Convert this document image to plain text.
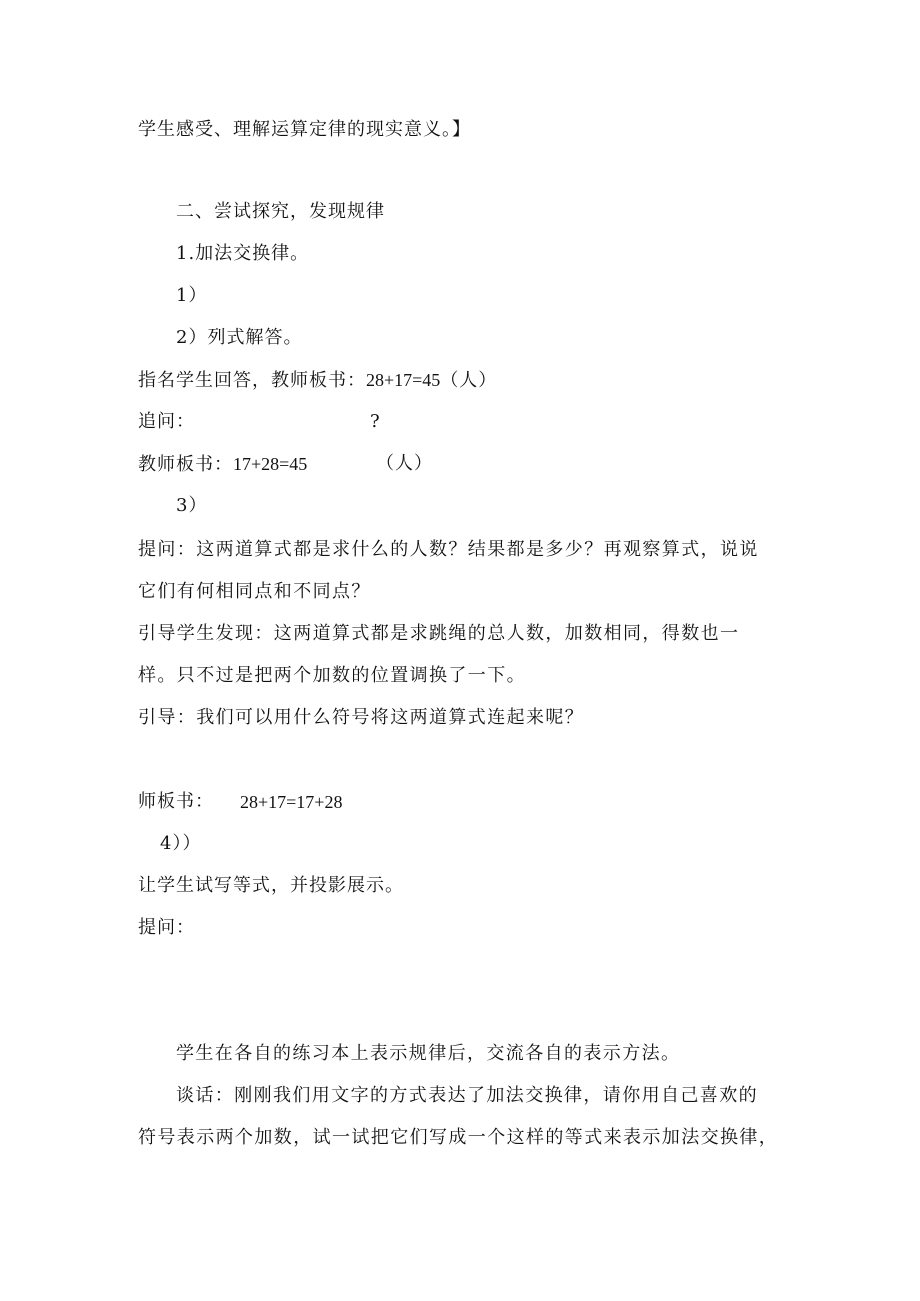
学生感受、理解运算定律的现实意义。】
二、尝试探究，发现规律
1.加法交换律。
1）
2）列式解答。
指名学生回答，教师板书：28+17=45（人）
追问：	?
教师板书：17+28=45	（人）
3）
提问：这两道算式都是求什么的人数？结果都是多少？再观察算式，说说
它们有何相同点和不同点？
引导学生发现：这两道算式都是求跳绳的总人数，加数相同，得数也一
样。只不过是把两个加数的位置调换了一下。
引导：我们可以用什么符号将这两道算式连起来呢？
师板书： 28+17=17+28
4））
让学生试写等式，并投影展示。
提问：
学生在各自的练习本上表示规律后，交流各自的表示方法。
谈话：刚刚我们用文字的方式表达了加法交换律，请你用自己喜欢的
符号表示两个加数，试一试把它们写成一个这样的等式来表示加法交换律，
